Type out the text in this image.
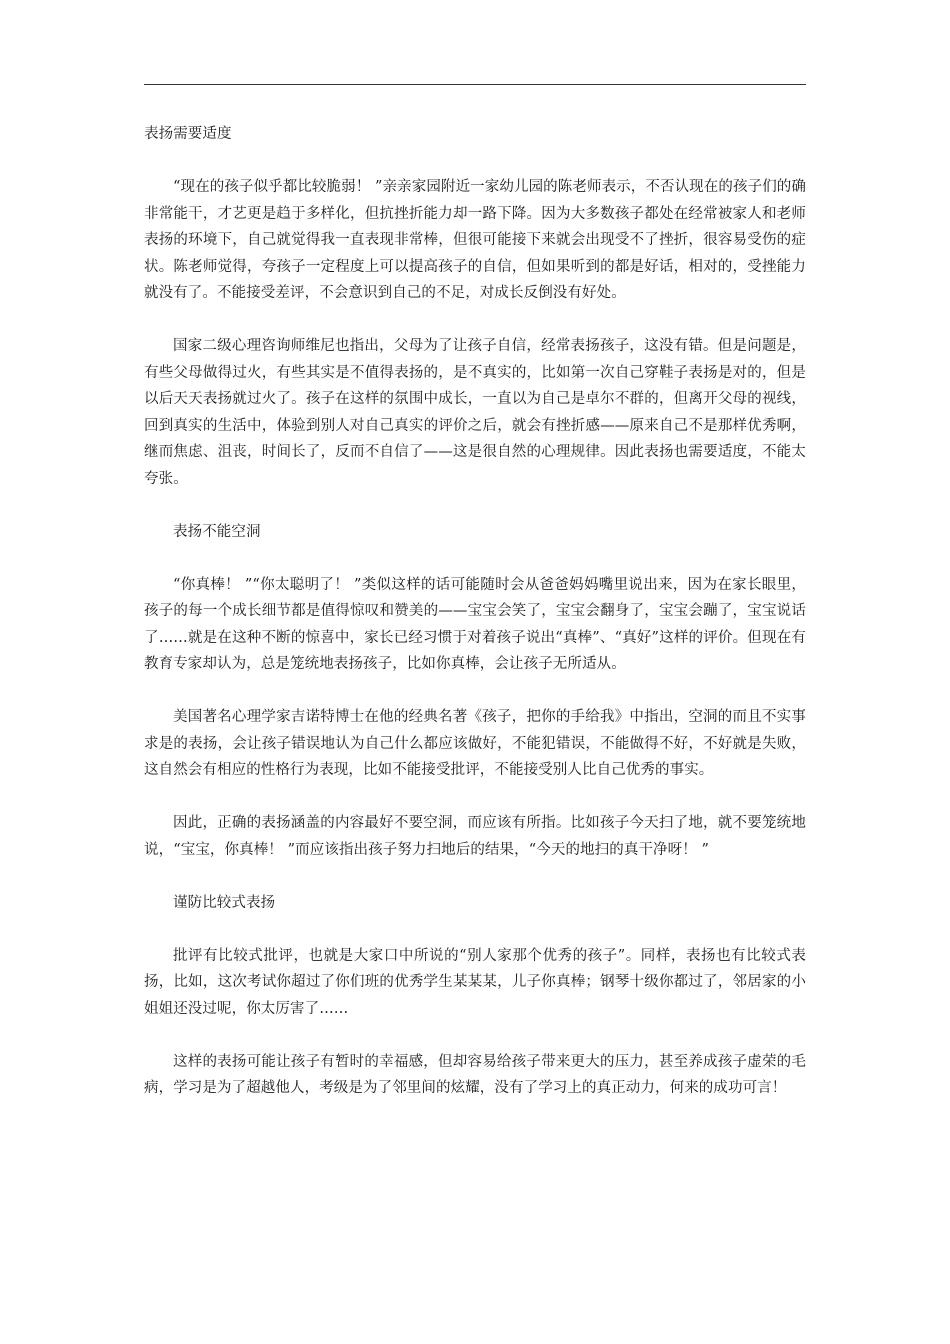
表扬需要适度

“现在的孩子似乎都比较脆弱！ ”亲亲家园附近一家幼儿园的陈老师表示，不否认现在的孩子们的确非常能干，才艺更是趋于多样化，但抗挫折能力却一路下降。因为大多数孩子都处在经常被家人和老师表扬的环境下，自己就觉得我一直表现非常棒，但很可能接下来就会出现受不了挫折，很容易受伤的症状。陈老师觉得，夸孩子一定程度上可以提高孩子的自信，但如果听到的都是好话，相对的，受挫能力就没有了。不能接受差评，不会意识到自己的不足，对成长反倒没有好处。

国家二级心理咨询师维尼也指出，父母为了让孩子自信，经常表扬孩子，这没有错。但是问题是，有些父母做得过火，有些其实是不值得表扬的，是不真实的，比如第一次自己穿鞋子表扬是对的，但是以后天天表扬就过火了。孩子在这样的氛围中成长，一直以为自己是卓尔不群的，但离开父母的视线，回到真实的生活中，体验到别人对自己真实的评价之后，就会有挫折感——原来自己不是那样优秀啊，继而焦虑、沮丧，时间长了，反而不自信了——这是很自然的心理规律。因此表扬也需要适度，不能太夸张。

表扬不能空洞

“你真棒！ ”“你太聪明了！ ”类似这样的话可能随时会从爸爸妈妈嘴里说出来，因为在家长眼里，孩子的每一个成长细节都是值得惊叹和赞美的——宝宝会笑了，宝宝会翻身了，宝宝会蹦了，宝宝说话了……就是在这种不断的惊喜中，家长已经习惯于对着孩子说出“真棒”、“真好”这样的评价。但现在有教育专家却认为，总是笼统地表扬孩子，比如你真棒，会让孩子无所适从。

美国著名心理学家吉诺特博士在他的经典名著《孩子，把你的手给我》中指出，空洞的而且不实事求是的表扬，会让孩子错误地认为自己什么都应该做好，不能犯错误，不能做得不好，不好就是失败，这自然会有相应的性格行为表现，比如不能接受批评，不能接受别人比自己优秀的事实。

因此，正确的表扬涵盖的内容最好不要空洞，而应该有所指。比如孩子今天扫了地，就不要笼统地说，“宝宝，你真棒！ ”而应该指出孩子努力扫地后的结果，“今天的地扫的真干净呀！ ”

谨防比较式表扬

批评有比较式批评，也就是大家口中所说的“别人家那个优秀的孩子”。同样，表扬也有比较式表扬，比如，这次考试你超过了你们班的优秀学生某某某，儿子你真棒；钢琴十级你都过了，邻居家的小姐姐还没过呢，你太厉害了……

这样的表扬可能让孩子有暂时的幸福感，但却容易给孩子带来更大的压力，甚至养成孩子虚荣的毛病，学习是为了超越他人，考级是为了邻里间的炫耀，没有了学习上的真正动力，何来的成功可言！
